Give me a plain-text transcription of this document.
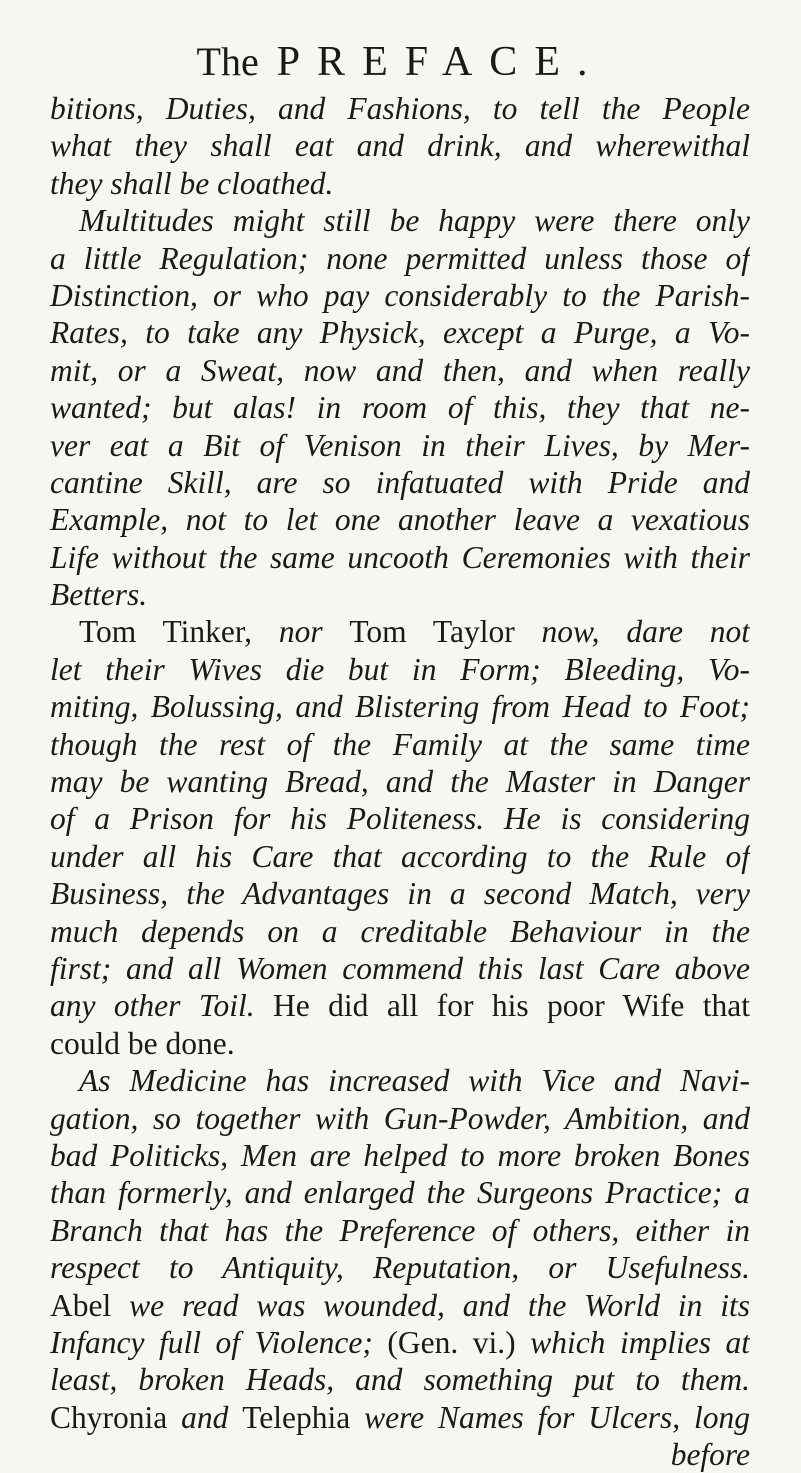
The PREFACE.
bitions, Duties, and Fashions, to tell the People
what they shall eat and drink, and wherewithal
they shall be cloathed.
Multitudes might still be happy were there only
a little Regulation; none permitted unless those of
Distinction, or who pay considerably to the Parish-
Rates, to take any Physick, except a Purge, a Vo-
mit, or a Sweat, now and then, and when really
wanted; but alas! in room of this, they that ne-
ver eat a Bit of Venison in their Lives, by Mer-
cantine Skill, are so infatuated with Pride and
Example, not to let one another leave a vexatious
Life without the same uncooth Ceremonies with their
Betters.
Tom Tinker, nor Tom Taylor now, dare not
let their Wives die but in Form; Bleeding, Vo-
miting, Bolussing, and Blistering from Head to Foot;
though the rest of the Family at the same time
may be wanting Bread, and the Master in Danger
of a Prison for his Politeness. He is considering
under all his Care that according to the Rule of
Business, the Advantages in a second Match, very
much depends on a creditable Behaviour in the
first; and all Women commend this last Care above
any other Toil. He did all for his poor Wife that
could be done.
As Medicine has increased with Vice and Navi-
gation, so together with Gun-Powder, Ambition, and
bad Politicks, Men are helped to more broken Bones
than formerly, and enlarged the Surgeons Practice; a
Branch that has the Preference of others, either in
respect to Antiquity, Reputation, or Usefulness.
Abel we read was wounded, and the World in its
Infancy full of Violence; (Gen. vi.) which implies at
least, broken Heads, and something put to them.
Chyronia and Telephia were Names for Ulcers, long
before
